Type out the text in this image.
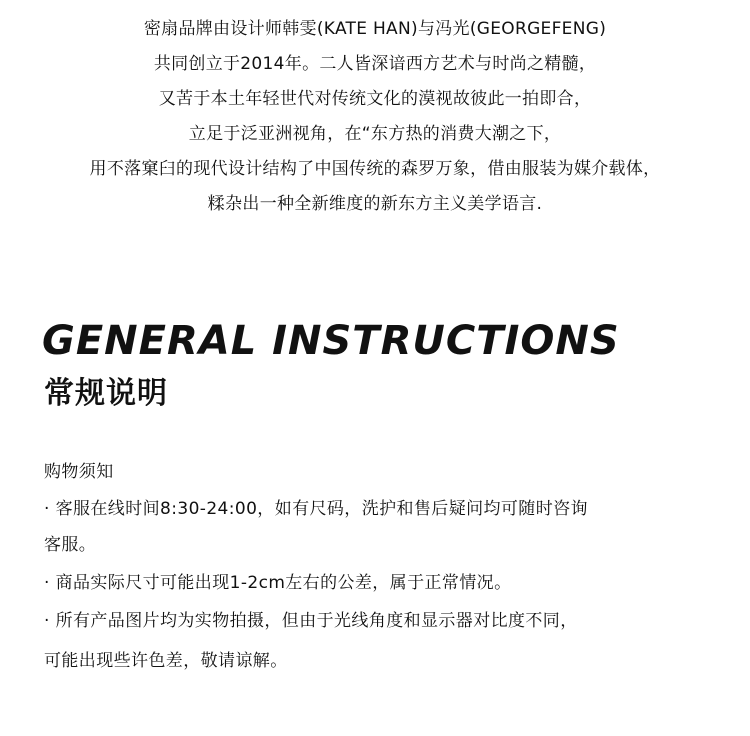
密扇品牌由设计师韩雯(KATE HAN)与冯光(GEORGEFENG)
共同创立于2014年。二人皆深谙西方艺术与时尚之精髓，
又苦于本土年轻世代对传统文化的漠视故彼此一拍即合，
立足于泛亚洲视角，在“东方热的消费大潮之下，
用不落窠臼的现代设计结构了中国传统的森罗万象，借由服装为媒介载体，
糅杂出一种全新维度的新东方主义美学语言.
GENERAL INSTRUCTIONS
常规说明
购物须知
· 客服在线时间8:30-24:00，如有尺码，洗护和售后疑问均可随时咨询
客服。
· 商品实际尺寸可能出现1-2cm左右的公差，属于正常情况。
· 所有产品图片均为实物拍摄，但由于光线角度和显示器对比度不同，
可能出现些许色差，敬请谅解。
